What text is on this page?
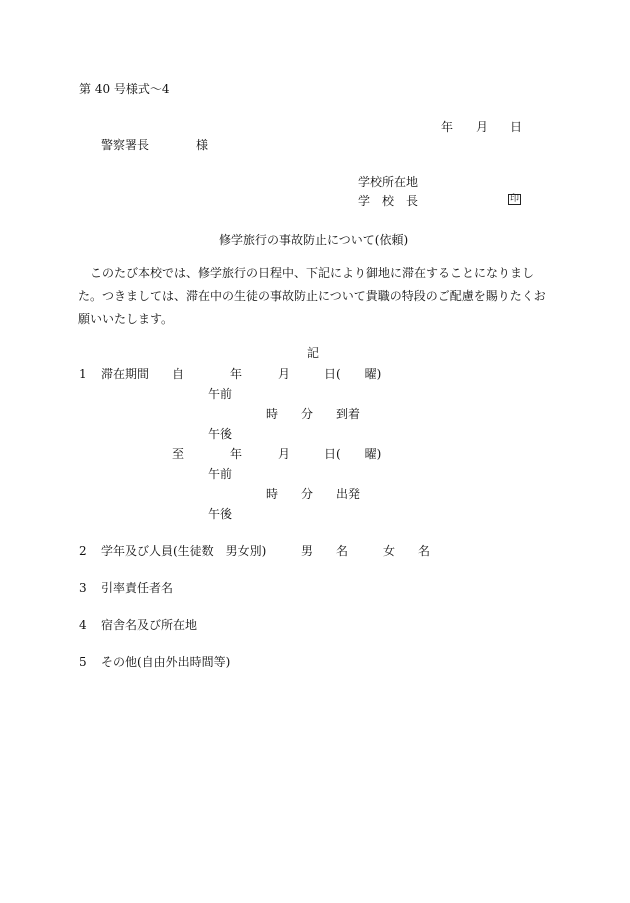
第 40 号様式～4
年 月 日
警察署長	様
学校所在地
学　校　長	印
修学旅行の事故防止について(依頼)
　このたび本校では、修学旅行の日程中、下記により御地に滞在することになりました。つきましては、滞在中の生徒の事故防止について貴職の特段のご配慮を賜りたくお願いいたします。
記
1 滞在期間 自	年	月	日(　　曜)
午前
時 分 到着
午後
至	年	月	日(　　曜)
午前
時 分 出発
午後
2 学年及び人員(生徒数　男女別)	男 名	女 名
3 引率責任者名
4 宿舎名及び所在地
5 その他(自由外出時間等)
